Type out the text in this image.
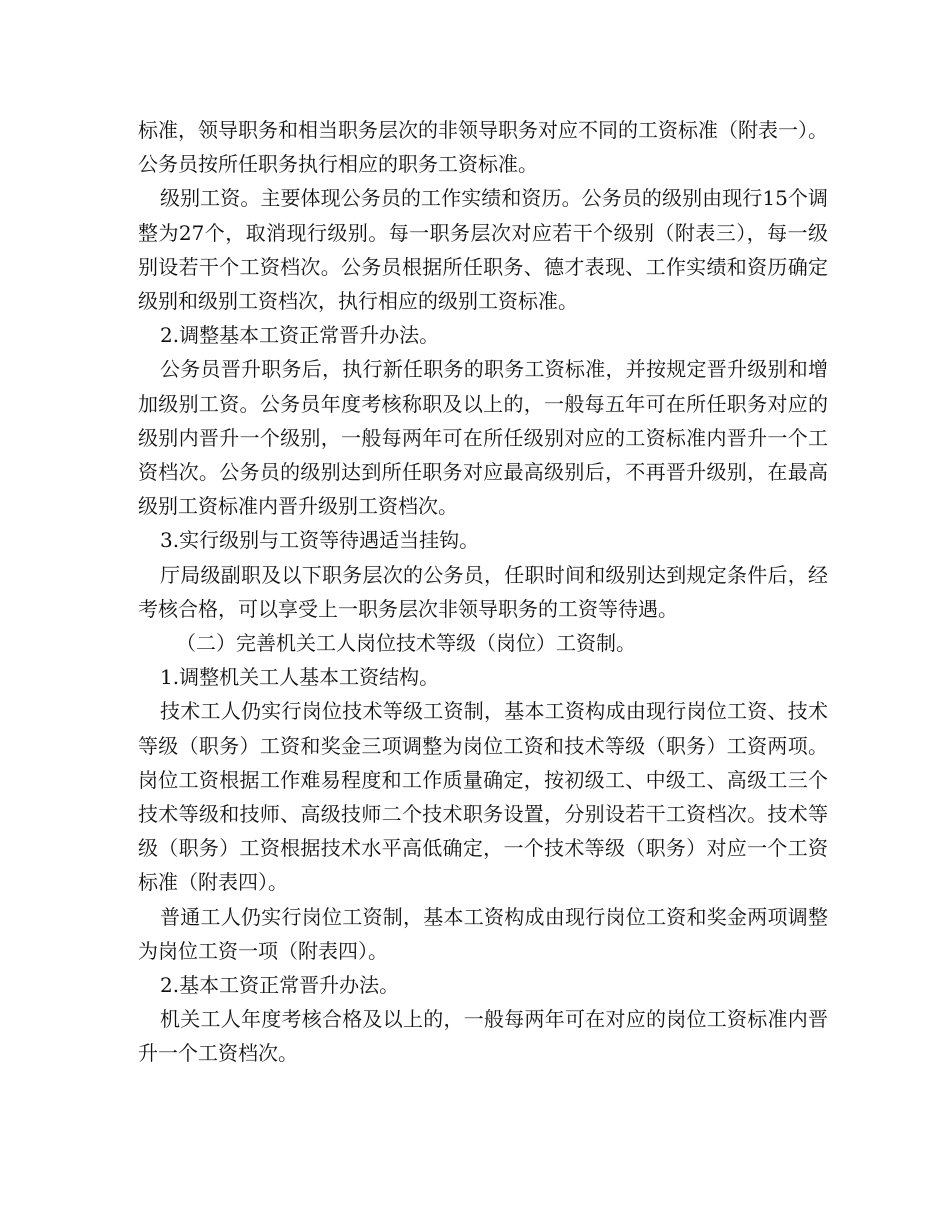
标准，领导职务和相当职务层次的非领导职务对应不同的工资标准（附表一）。公务员按所任职务执行相应的职务工资标准。

级别工资。主要体现公务员的工作实绩和资历。公务员的级别由现行15个调整为27个，取消现行级别。每一职务层次对应若干个级别（附表三），每一级别设若干个工资档次。公务员根据所任职务、德才表现、工作实绩和资历确定级别和级别工资档次，执行相应的级别工资标准。

2.调整基本工资正常晋升办法。

公务员晋升职务后，执行新任职务的职务工资标准，并按规定晋升级别和增加级别工资。公务员年度考核称职及以上的，一般每五年可在所任职务对应的级别内晋升一个级别，一般每两年可在所任级别对应的工资标准内晋升一个工资档次。公务员的级别达到所任职务对应最高级别后，不再晋升级别，在最高级别工资标准内晋升级别工资档次。

3.实行级别与工资等待遇适当挂钩。

厅局级副职及以下职务层次的公务员，任职时间和级别达到规定条件后，经考核合格，可以享受上一职务层次非领导职务的工资等待遇。

（二）完善机关工人岗位技术等级（岗位）工资制。

1.调整机关工人基本工资结构。

技术工人仍实行岗位技术等级工资制，基本工资构成由现行岗位工资、技术等级（职务）工资和奖金三项调整为岗位工资和技术等级（职务）工资两项。岗位工资根据工作难易程度和工作质量确定，按初级工、中级工、高级工三个技术等级和技师、高级技师二个技术职务设置，分别设若干工资档次。技术等级（职务）工资根据技术水平高低确定，一个技术等级（职务）对应一个工资标准（附表四）。

普通工人仍实行岗位工资制，基本工资构成由现行岗位工资和奖金两项调整为岗位工资一项（附表四）。

2.基本工资正常晋升办法。

机关工人年度考核合格及以上的，一般每两年可在对应的岗位工资标准内晋升一个工资档次。
